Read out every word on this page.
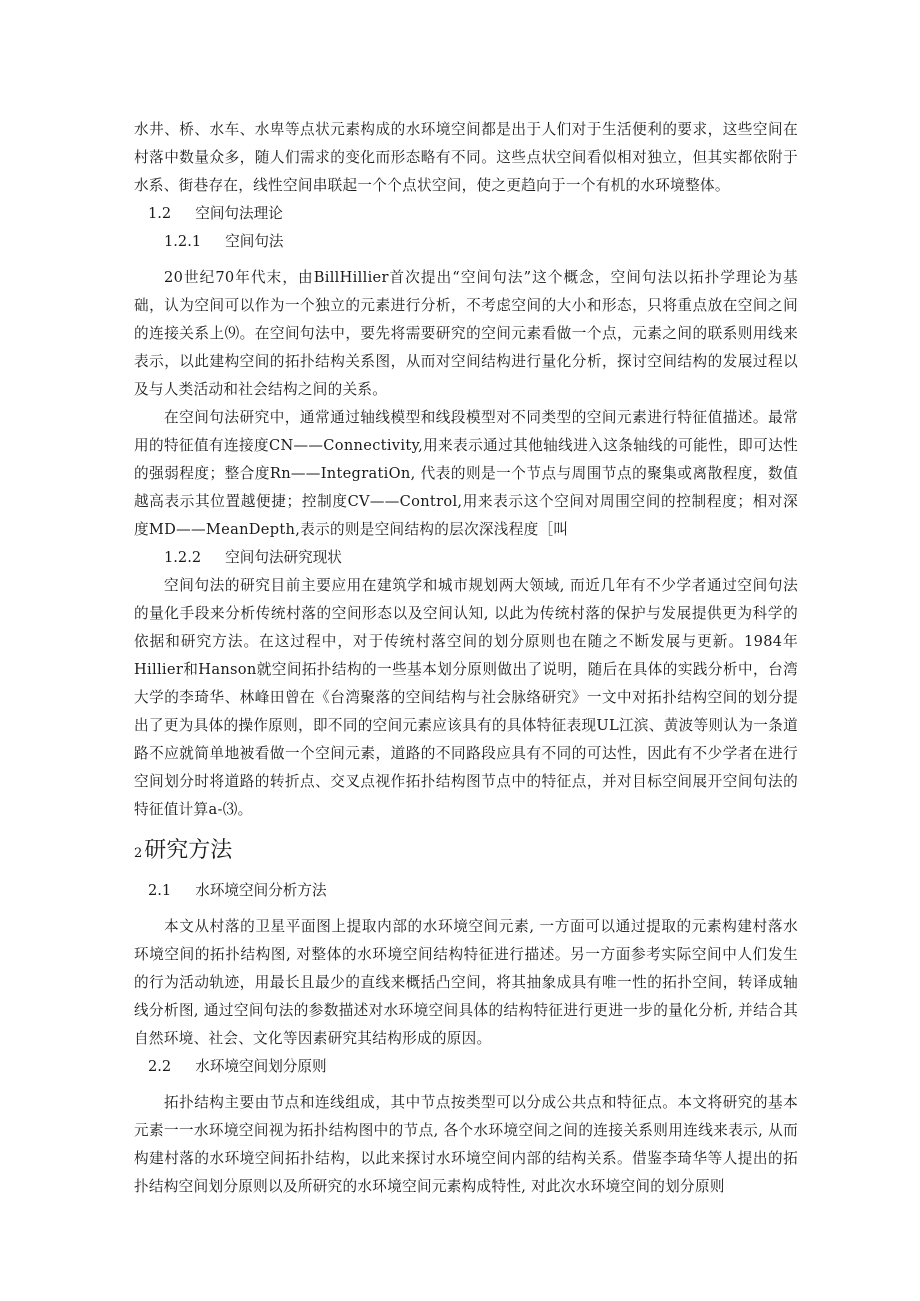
水井、桥、水车、水卑等点状元素构成的水环境空间都是出于人们对于生活便利的要求，这些空间在村落中数量众多，随人们需求的变化而形态略有不同。这些点状空间看似相对独立，但其实都依附于水系、街巷存在，线性空间串联起一个个点状空间，使之更趋向于一个有机的水环境整体。

1.2 空间句法理论
1.2.1 空间句法

20世纪70年代末，由BillHillier首次提出“空间句法”这个概念，空间句法以拓扑学理论为基础，认为空间可以作为一个独立的元素进行分析，不考虑空间的大小和形态，只将重点放在空间之间的连接关系上⑼。在空间句法中，要先将需要研究的空间元素看做一个点，元素之间的联系则用线来表示，以此建构空间的拓扑结构关系图，从而对空间结构进行量化分析，探讨空间结构的发展过程以及与人类活动和社会结构之间的关系。

在空间句法研究中，通常通过轴线模型和线段模型对不同类型的空间元素进行特征值描述。最常用的特征值有连接度CN——Connectivity,用来表示通过其他轴线进入这条轴线的可能性，即可达性的强弱程度；整合度Rn——IntegratiOn, 代表的则是一个节点与周围节点的聚集或离散程度，数值越高表示其位置越便捷；控制度CV——Control,用来表示这个空间对周围空间的控制程度；相对深度MD——MeanDepth,表示的则是空间结构的层次深浅程度［叫

1.2.2 空间句法研究现状

空间句法的研究目前主要应用在建筑学和城市规划两大领域, 而近几年有不少学者通过空间句法的量化手段来分析传统村落的空间形态以及空间认知, 以此为传统村落的保护与发展提供更为科学的依据和研究方法。在这过程中，对于传统村落空间的划分原则也在随之不断发展与更新。1984年Hillier和Hanson就空间拓扑结构的一些基本划分原则做出了说明，随后在具体的实践分析中，台湾大学的李琦华、林峰田曾在《台湾聚落的空间结构与社会脉络研究》一文中对拓扑结构空间的划分提出了更为具体的操作原则，即不同的空间元素应该具有的具体特征表现UL江滨、黄波等则认为一条道路不应就简单地被看做一个空间元素，道路的不同路段应具有不同的可达性，因此有不少学者在进行空间划分时将道路的转折点、交叉点视作拓扑结构图节点中的特征点，并对目标空间展开空间句法的特征值计算a-⑶。

2研究方法
2.1 水环境空间分析方法

本文从村落的卫星平面图上提取内部的水环境空间元素, 一方面可以通过提取的元素构建村落水环境空间的拓扑结构图, 对整体的水环境空间结构特征进行描述。另一方面参考实际空间中人们发生的行为活动轨迹，用最长且最少的直线来概括凸空间，将其抽象成具有唯一性的拓扑空间，转译成轴线分析图, 通过空间句法的参数描述对水环境空间具体的结构特征进行更进一步的量化分析, 并结合其自然环境、社会、文化等因素研究其结构形成的原因。

2.2 水环境空间划分原则

拓扑结构主要由节点和连线组成，其中节点按类型可以分成公共点和特征点。本文将研究的基本元素一一水环境空间视为拓扑结构图中的节点, 各个水环境空间之间的连接关系则用连线来表示, 从而构建村落的水环境空间拓扑结构，以此来探讨水环境空间内部的结构关系。借鉴李琦华等人提出的拓扑结构空间划分原则以及所研究的水环境空间元素构成特性, 对此次水环境空间的划分原则
